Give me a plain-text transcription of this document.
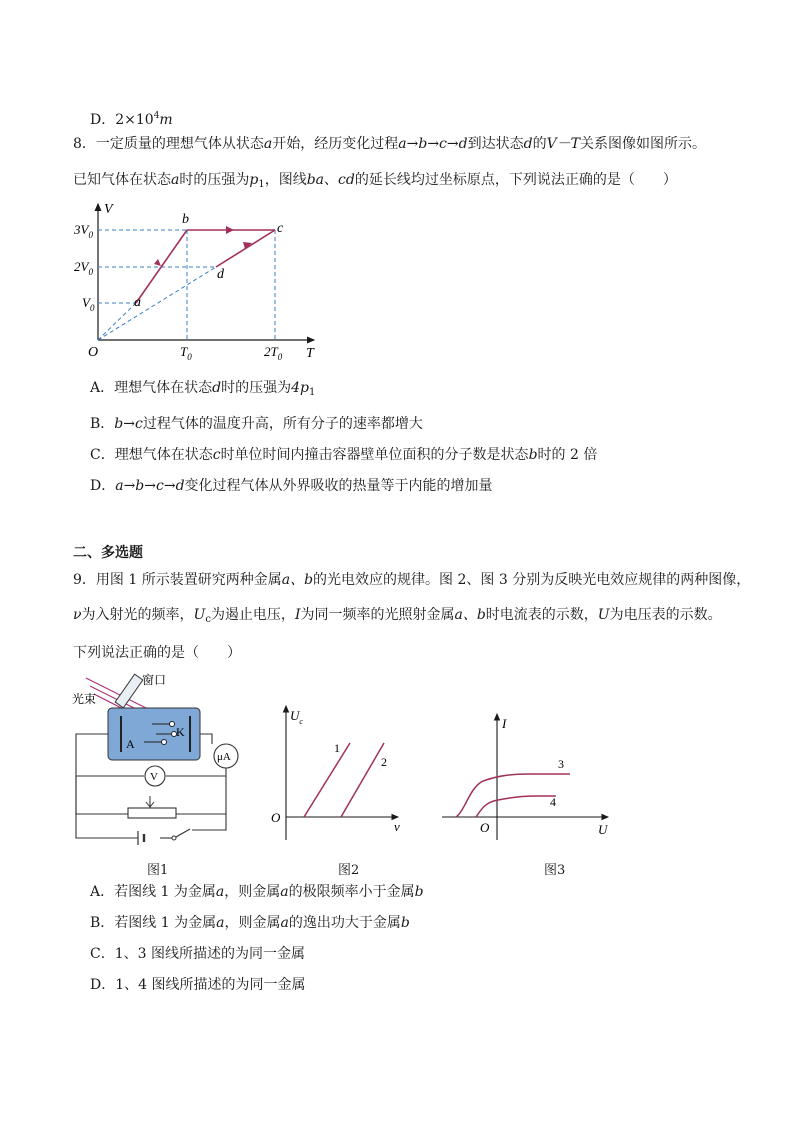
D．$2\times 10^4m$
8．一定质量的理想气体从状态a开始，经历变化过程a→b→c→d到达状态d的V－T关系图像如图所示。
已知气体在状态a时的压强为$p_1$，图线ba、cd的延长线均过坐标原点，下列说法正确的是（　　）
V
T
O
a
b
c
d
$3V_0$
$2V_0$
$V_0$
$T_0$	$2T_0$
A．理想气体在状态d时的压强为$4p_1$
B．b→c过程气体的温度升高，所有分子的速率都增大
C．理想气体在状态c时单位时间内撞击容器壁单位面积的分子数是状态b时的 2 倍
D．a→b→c→d变化过程气体从外界吸收的热量等于内能的增加量
二、多选题
9．用图 1 所示装置研究两种金属a、b的光电效应的规律。图 2、图 3 分别为反映光电效应规律的两种图像，
ν为入射光的频率，$U_c$为遏止电压，I为同一频率的光照射金属a、b时电流表的示数，U为电压表的示数。
下列说法正确的是（　　）
光束
窗口
A
K
μA
V
图1
$U_c$
ν
O
1
2
图2
I
U
O
3
4
图3
A．若图线 1 为金属a，则金属a的极限频率小于金属b
B．若图线 1 为金属a，则金属a的逸出功大于金属b
C．1、3 图线所描述的为同一金属
D．1、4 图线所描述的为同一金属
